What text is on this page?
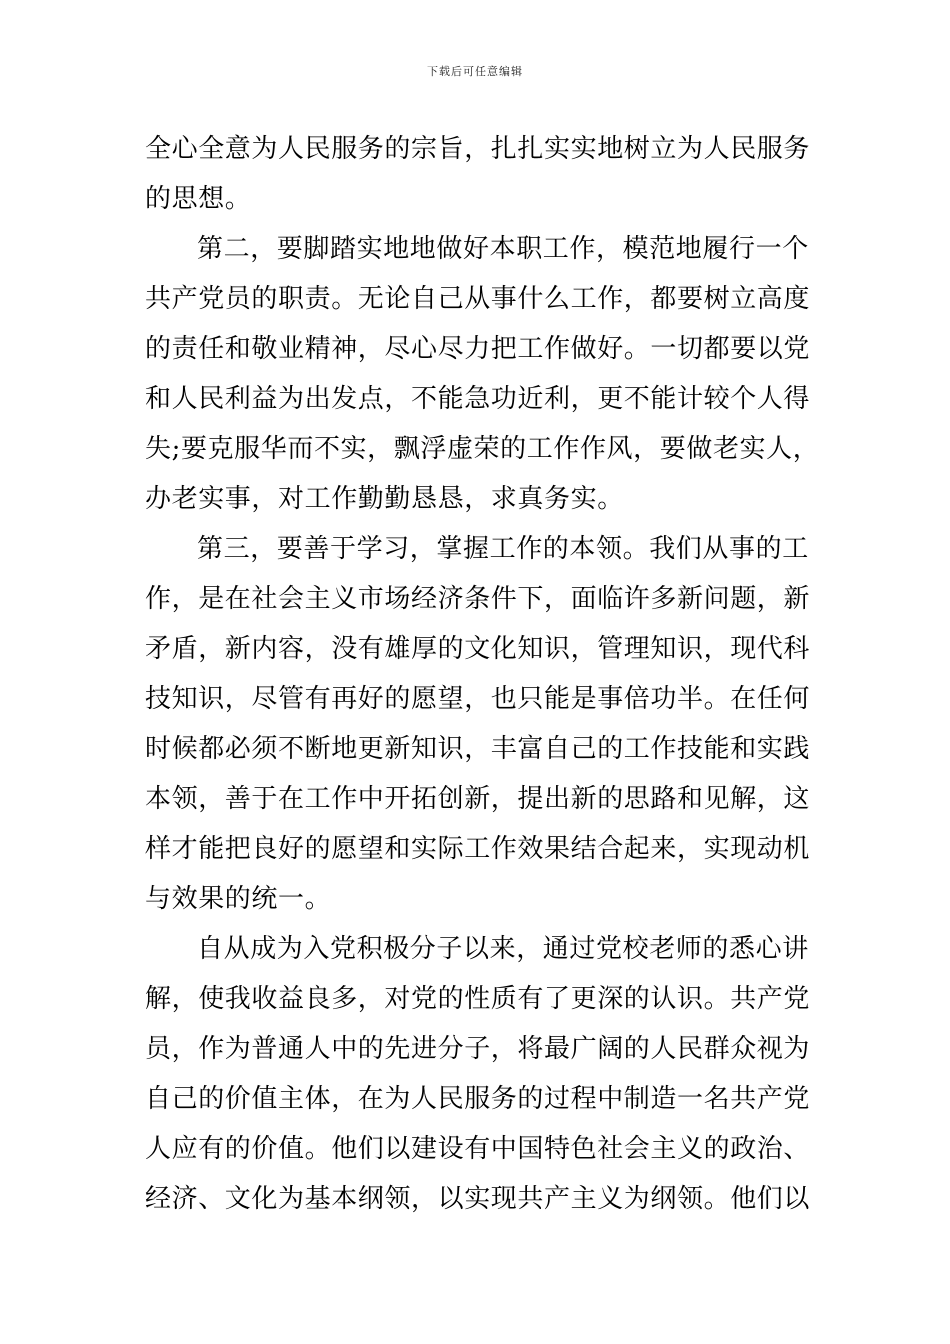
下载后可任意编辑
全心全意为人民服务的宗旨，扎扎实实地树立为人民服务
的思想。
第二，要脚踏实地地做好本职工作，模范地履行一个
共产党员的职责。无论自己从事什么工作，都要树立高度
的责任和敬业精神，尽心尽力把工作做好。一切都要以党
和人民利益为出发点，不能急功近利，更不能计较个人得
失;要克服华而不实，飘浮虚荣的工作作风，要做老实人，
办老实事，对工作勤勤恳恳，求真务实。
第三，要善于学习，掌握工作的本领。我们从事的工
作，是在社会主义市场经济条件下，面临许多新问题，新
矛盾，新内容，没有雄厚的文化知识，管理知识，现代科
技知识，尽管有再好的愿望，也只能是事倍功半。在任何
时候都必须不断地更新知识，丰富自己的工作技能和实践
本领，善于在工作中开拓创新，提出新的思路和见解，这
样才能把良好的愿望和实际工作效果结合起来，实现动机
与效果的统一。
自从成为入党积极分子以来，通过党校老师的悉心讲
解，使我收益良多，对党的性质有了更深的认识。共产党
员，作为普通人中的先进分子，将最广阔的人民群众视为
自己的价值主体，在为人民服务的过程中制造一名共产党
人应有的价值。他们以建设有中国特色社会主义的政治、
经济、文化为基本纲领，以实现共产主义为纲领。他们以
